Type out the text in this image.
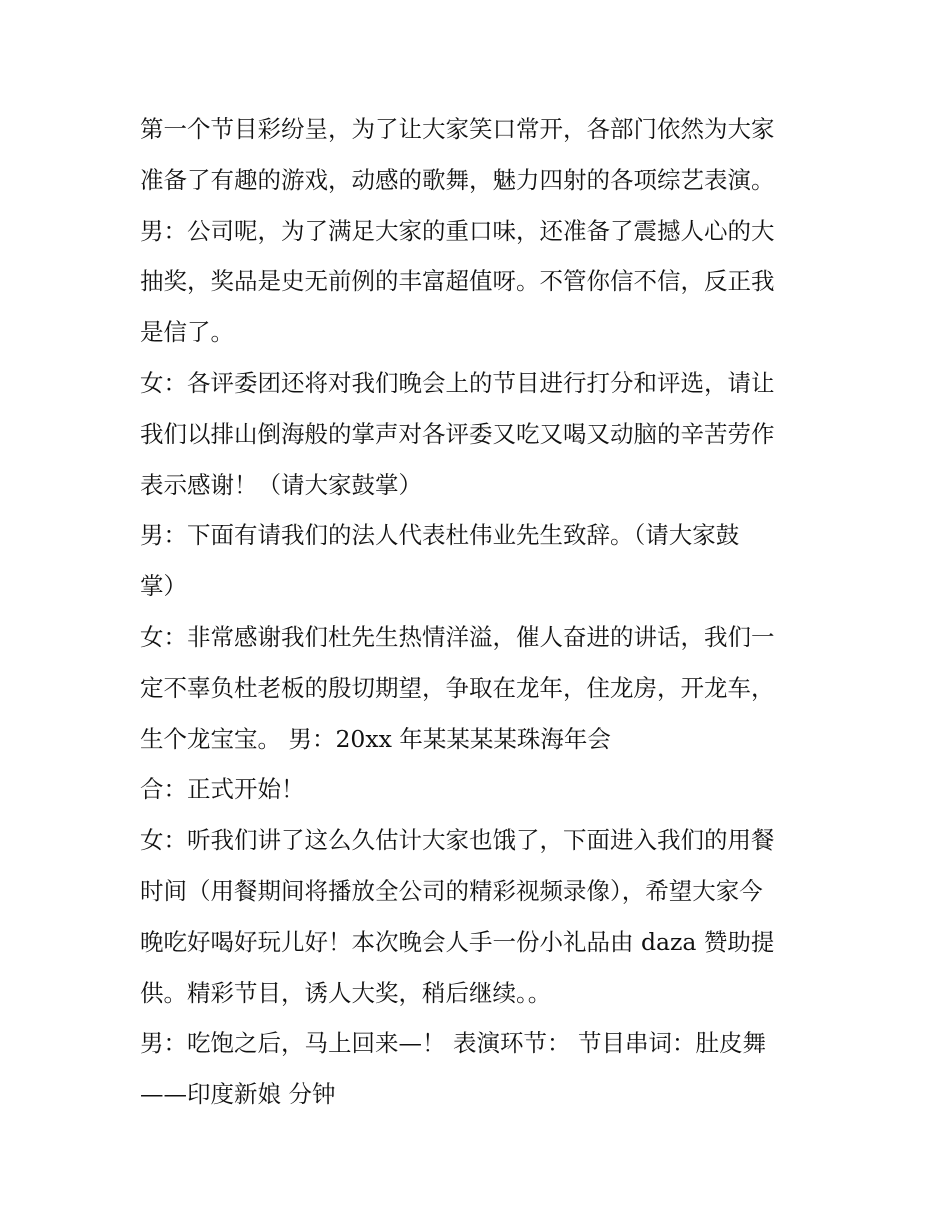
第一个节目彩纷呈，为了让大家笑口常开，各部门依然为大家
准备了有趣的游戏，动感的歌舞，魅力四射的各项综艺表演。
男：公司呢，为了满足大家的重口味，还准备了震撼人心的大
抽奖，奖品是史无前例的丰富超值呀。不管你信不信，反正我
是信了。
女：各评委团还将对我们晚会上的节目进行打分和评选，请让
我们以排山倒海般的掌声对各评委又吃又喝又动脑的辛苦劳作
表示感谢！（请大家鼓掌）
男：下面有请我们的法人代表杜伟业先生致辞。（请大家鼓
掌）
女：非常感谢我们杜先生热情洋溢，催人奋进的讲话，我们一
定不辜负杜老板的殷切期望，争取在龙年，住龙房，开龙车，
生个龙宝宝。 男：20xx 年某某某某珠海年会
合：正式开始！
女：听我们讲了这么久估计大家也饿了，下面进入我们的用餐
时间（用餐期间将播放全公司的精彩视频录像），希望大家今
晚吃好喝好玩儿好！本次晚会人手一份小礼品由 daza 赞助提
供。精彩节目，诱人大奖，稍后继续。。
男：吃饱之后，马上回来—！ 表演环节： 节目串词：肚皮舞
——印度新娘 分钟
